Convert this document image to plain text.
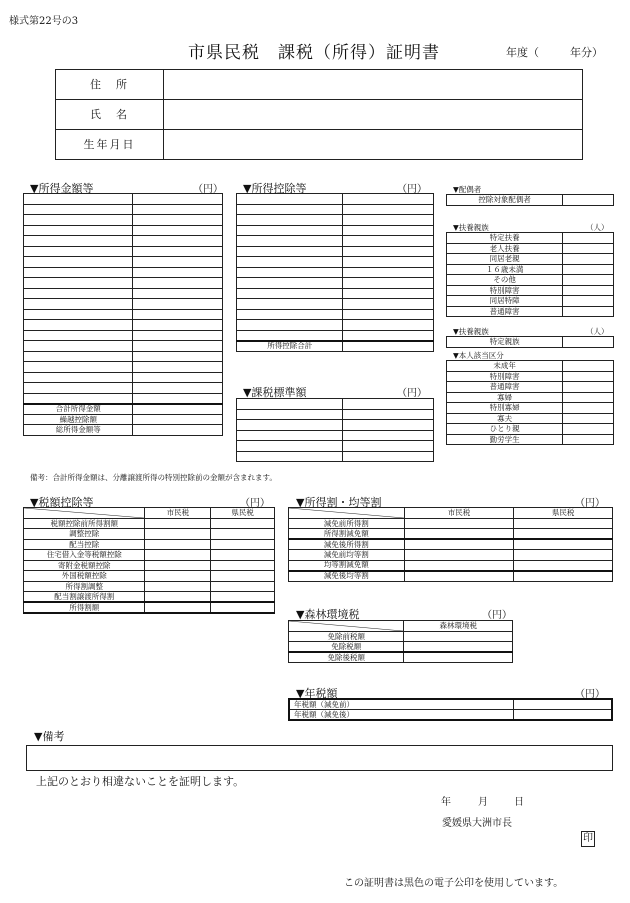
様式第22号の3
市県民税　課税（所得）証明書	年度（	年分）
住　所	
氏　名	
生年月日	
▼所得金額等	（円）

合計所得金額	
繰越控除額	
総所得金額等	
備考：合計所得金額は、分離譲渡所得の特別控除前の金額が含まれます。
▼所得控除等	（円）

所得控除合計	
▼課税標準額	（円）

▼配偶者
控除対象配偶者	
▼扶養親族	（人）
特定扶養	
老人扶養	
同居老親	
１６歳未満	
その他	
特別障害	
同居特障	
普通障害	
▼扶養親族	（人）
特定親族	
▼本人該当区分
未成年	
特別障害	
普通障害	
寡婦	
特別寡婦	
寡夫	
ひとり親	
勤労学生	
▼税額控除等	（円）
	市民税	県民税
税額控除前所得割額		
調整控除		
配当控除		
住宅借入金等税額控除		
寄附金税額控除		
外国税額控除		
所得割調整		
配当割譲渡所得割		
所得割額		
▼所得割・均等割	（円）
	市民税	県民税
減免前所得割		
所得割減免額		
減免後所得割		
減免前均等割		
均等割減免額		
減免後均等割		
▼森林環境税	（円）
	森林環境税
免除前税額	
免除税額	
免除後税額	
▼年税額	（円）
年税額（減免前）	
年税額（減免後）	
▼備考
上記のとおり相違ないことを証明します。
年	月	日
愛媛県大洲市長
印
この証明書は黒色の電子公印を使用しています。
